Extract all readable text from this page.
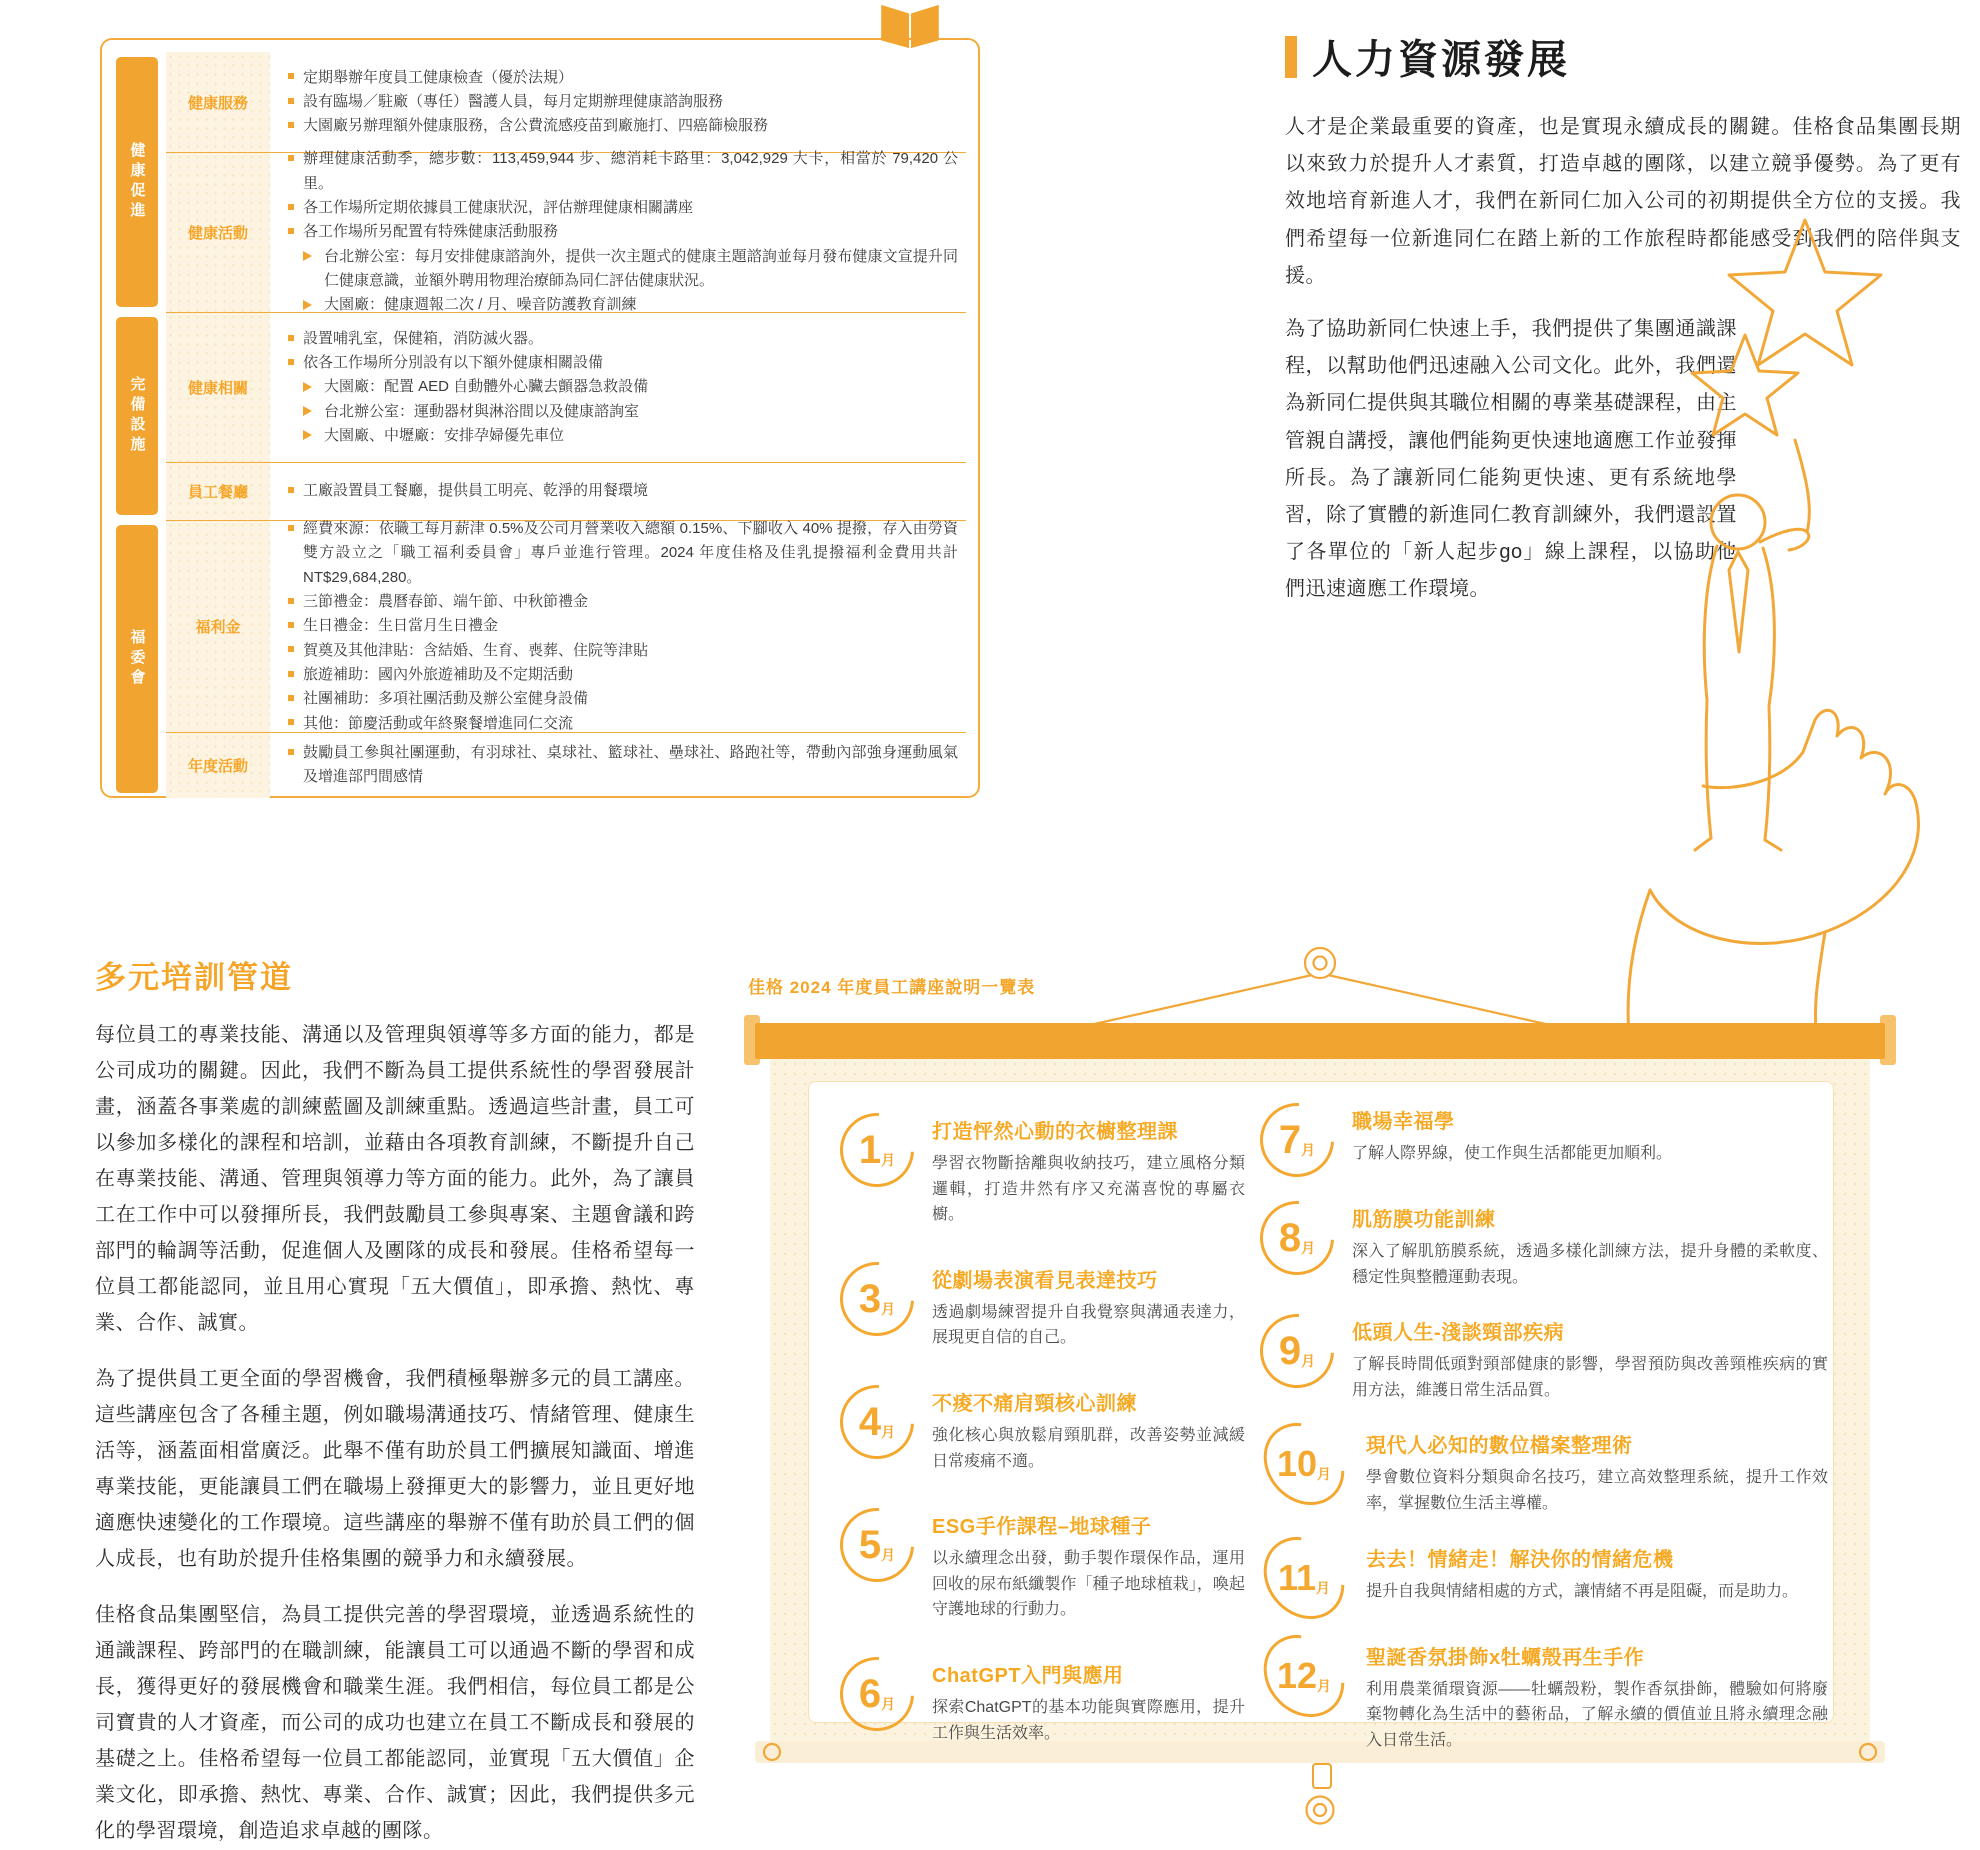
健康促進
完備設施
福委會
健康服務
定期舉辦年度員工健康檢查（優於法規）
設有臨場／駐廠（專任）醫護人員，每月定期辦理健康諮詢服務
大園廠另辦理額外健康服務，含公費流感疫苗到廠施打、四癌篩檢服務
健康活動
辦理健康活動季，總步數：113,459,944 步、總消耗卡路里：3,042,929 大卡，相當於 79,420 公里。
各工作場所定期依據員工健康狀況，評估辦理健康相關講座
各工作場所另配置有特殊健康活動服務
台北辦公室：每月安排健康諮詢外，提供一次主題式的健康主題諮詢並每月發布健康文宣提升同仁健康意識，並額外聘用物理治療師為同仁評估健康狀況。
大園廠：健康週報二次 / 月、噪音防護教育訓練
健康相關
設置哺乳室，保健箱，消防滅火器。
依各工作場所分別設有以下額外健康相關設備
大園廠：配置 AED 自動體外心臟去顫器急救設備
台北辦公室：運動器材與淋浴間以及健康諮詢室
大園廠、中壢廠：安排孕婦優先車位
員工餐廳	工廠設置員工餐廳，提供員工明亮、乾淨的用餐環境
福利金
經費來源：依職工每月薪津 0.5%及公司月營業收入總額 0.15%、下腳收入 40% 提撥，存入由勞資雙方設立之「職工福利委員會」專戶並進行管理。2024 年度佳格及佳乳提撥福利金費用共計 NT$29,684,280。
三節禮金：農曆春節、端午節、中秋節禮金
生日禮金：生日當月生日禮金
賀奠及其他津貼：含結婚、生育、喪葬、住院等津貼
旅遊補助：國內外旅遊補助及不定期活動
社團補助：多項社團活動及辦公室健身設備
其他：節慶活動或年終聚餐增進同仁交流
年度活動
鼓勵員工參與社團運動，有羽球社、桌球社、籃球社、壘球社、路跑社等，帶動內部強身運動風氣及增進部門間感情
人力資源發展
人才是企業最重要的資產，也是實現永續成長的關鍵。佳格食品集團長期以來致力於提升人才素質，打造卓越的團隊，以建立競爭優勢。為了更有效地培育新進人才，我們在新同仁加入公司的初期提供全方位的支援。我們希望每一位新進同仁在踏上新的工作旅程時都能感受到我們的陪伴與支援。
為了協助新同仁快速上手，我們提供了集團通識課程，以幫助他們迅速融入公司文化。此外，我們還為新同仁提供與其職位相關的專業基礎課程，由主管親自講授，讓他們能夠更快速地適應工作並發揮所長。為了讓新同仁能夠更快速、更有系統地學習，除了實體的新進同仁教育訓練外，我們還設置了各單位的「新人起步go」線上課程，以協助他們迅速適應工作環境。
多元培訓管道
每位員工的專業技能、溝通以及管理與領導等多方面的能力，都是公司成功的關鍵。因此，我們不斷為員工提供系統性的學習發展計畫，涵蓋各事業處的訓練藍圖及訓練重點。透過這些計畫，員工可以參加多樣化的課程和培訓，並藉由各項教育訓練，不斷提升自己在專業技能、溝通、管理與領導力等方面的能力。此外，為了讓員工在工作中可以發揮所長，我們鼓勵員工參與專案、主題會議和跨部門的輪調等活動，促進個人及團隊的成長和發展。佳格希望每一位員工都能認同，並且用心實現「五大價值」，即承擔、熱忱、專業、合作、誠實。
為了提供員工更全面的學習機會，我們積極舉辦多元的員工講座。這些講座包含了各種主題，例如職場溝通技巧、情緒管理、健康生活等，涵蓋面相當廣泛。此舉不僅有助於員工們擴展知識面、增進專業技能，更能讓員工們在職場上發揮更大的影響力，並且更好地適應快速變化的工作環境。這些講座的舉辦不僅有助於員工們的個人成長，也有助於提升佳格集團的競爭力和永續發展。
佳格食品集團堅信，為員工提供完善的學習環境，並透過系統性的通識課程、跨部門的在職訓練，能讓員工可以通過不斷的學習和成長，獲得更好的發展機會和職業生涯。我們相信，每位員工都是公司寶貴的人才資產，而公司的成功也建立在員工不斷成長和發展的基礎之上。佳格希望每一位員工都能認同，並實現「五大價值」企業文化，即承擔、熱忱、專業、合作、誠實；因此，我們提供多元化的學習環境，創造追求卓越的團隊。
佳格 2024 年度員工講座說明一覽表
1 月
打造怦然心動的衣櫥整理課
學習衣物斷捨離與收納技巧，建立風格分類邏輯，打造井然有序又充滿喜悅的專屬衣櫥。
3 月
從劇場表演看見表達技巧
透過劇場練習提升自我覺察與溝通表達力，展現更自信的自己。
4 月
不痠不痛肩頸核心訓練
強化核心與放鬆肩頸肌群，改善姿勢並減緩日常痠痛不適。
5 月
ESG手作課程–地球種子
以永續理念出發，動手製作環保作品，運用回收的尿布紙纖製作「種子地球植栽」，喚起守護地球的行動力。
6 月
ChatGPT入門與應用
探索ChatGPT的基本功能與實際應用，提升工作與生活效率。
7 月
職場幸福學
了解人際界線，使工作與生活都能更加順利。
8 月
肌筋膜功能訓練
深入了解肌筋膜系統，透過多樣化訓練方法，提升身體的柔軟度、穩定性與整體運動表現。
9 月
低頭人生-淺談頸部疾病
了解長時間低頭對頸部健康的影響，學習預防與改善頸椎疾病的實用方法，維護日常生活品質。
10 月
現代人必知的數位檔案整理術
學會數位資料分類與命名技巧，建立高效整理系統，提升工作效率，掌握數位生活主導權。
11 月
去去！情緒走！解決你的情緒危機
提升自我與情緒相處的方式，讓情緒不再是阻礙，而是助力。
12 月
聖誕香氛掛飾x牡蠣殼再生手作
利用農業循環資源——牡蠣殼粉，製作香氛掛飾，體驗如何將廢棄物轉化為生活中的藝術品，了解永續的價值並且將永續理念融入日常生活。
